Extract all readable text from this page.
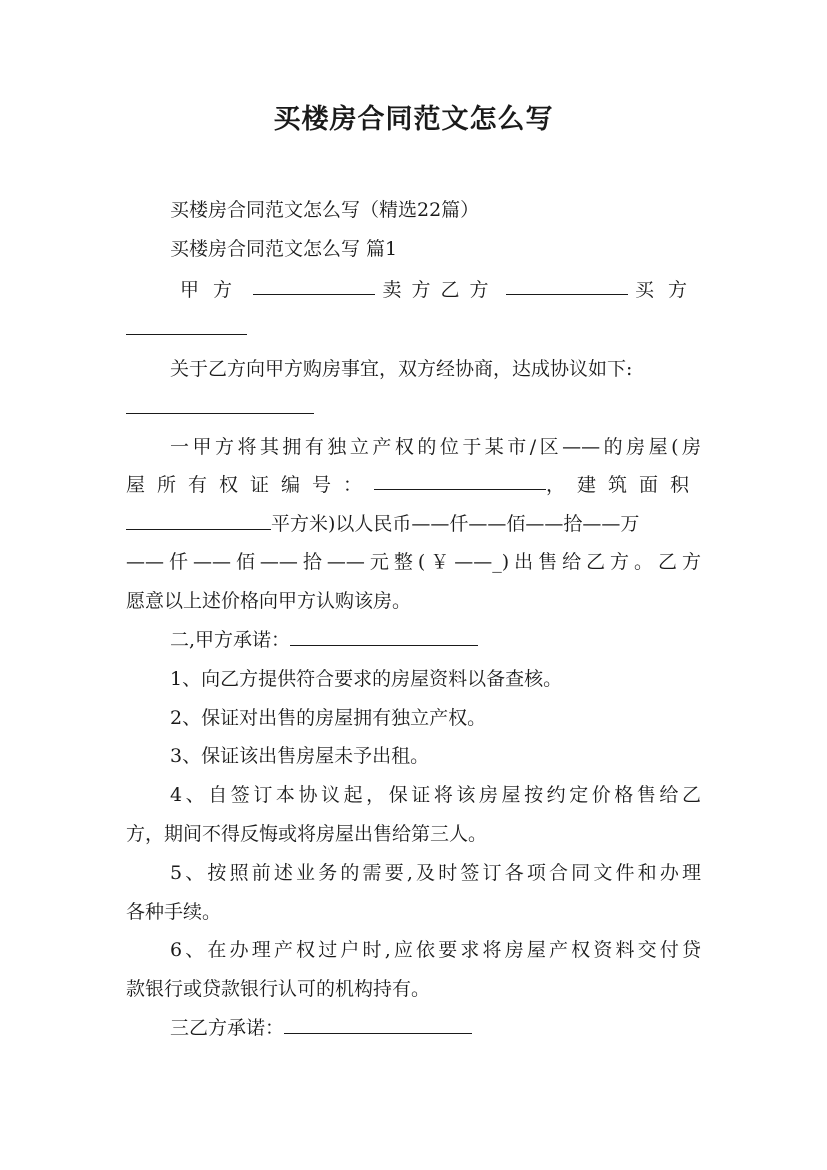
买楼房合同范文怎么写
买楼房合同范文怎么写（精选22篇）
买楼房合同范文怎么写 篇1
甲方	卖方乙方	买方
关于乙方向甲方购房事宜，双方经协商，达成协议如下:
一甲方将其拥有独立产权的位于某市/区——的房屋(房
屋所有权证编号：	，建筑面积
平方米)以人民币——仟——佰——拾——万
——仟——佰——拾——元整(￥——_)出售给乙方。乙方
愿意以上述价格向甲方认购该房。
二,甲方承诺：
1、向乙方提供符合要求的房屋资料以备查核。
2、保证对出售的房屋拥有独立产权。
3、保证该出售房屋未予出租。
4、自签订本协议起，保证将该房屋按约定价格售给乙
方，期间不得反悔或将房屋出售给第三人。
5、按照前述业务的需要,及时签订各项合同文件和办理
各种手续。
6、在办理产权过户时,应依要求将房屋产权资料交付贷
款银行或贷款银行认可的机构持有。
三乙方承诺：
